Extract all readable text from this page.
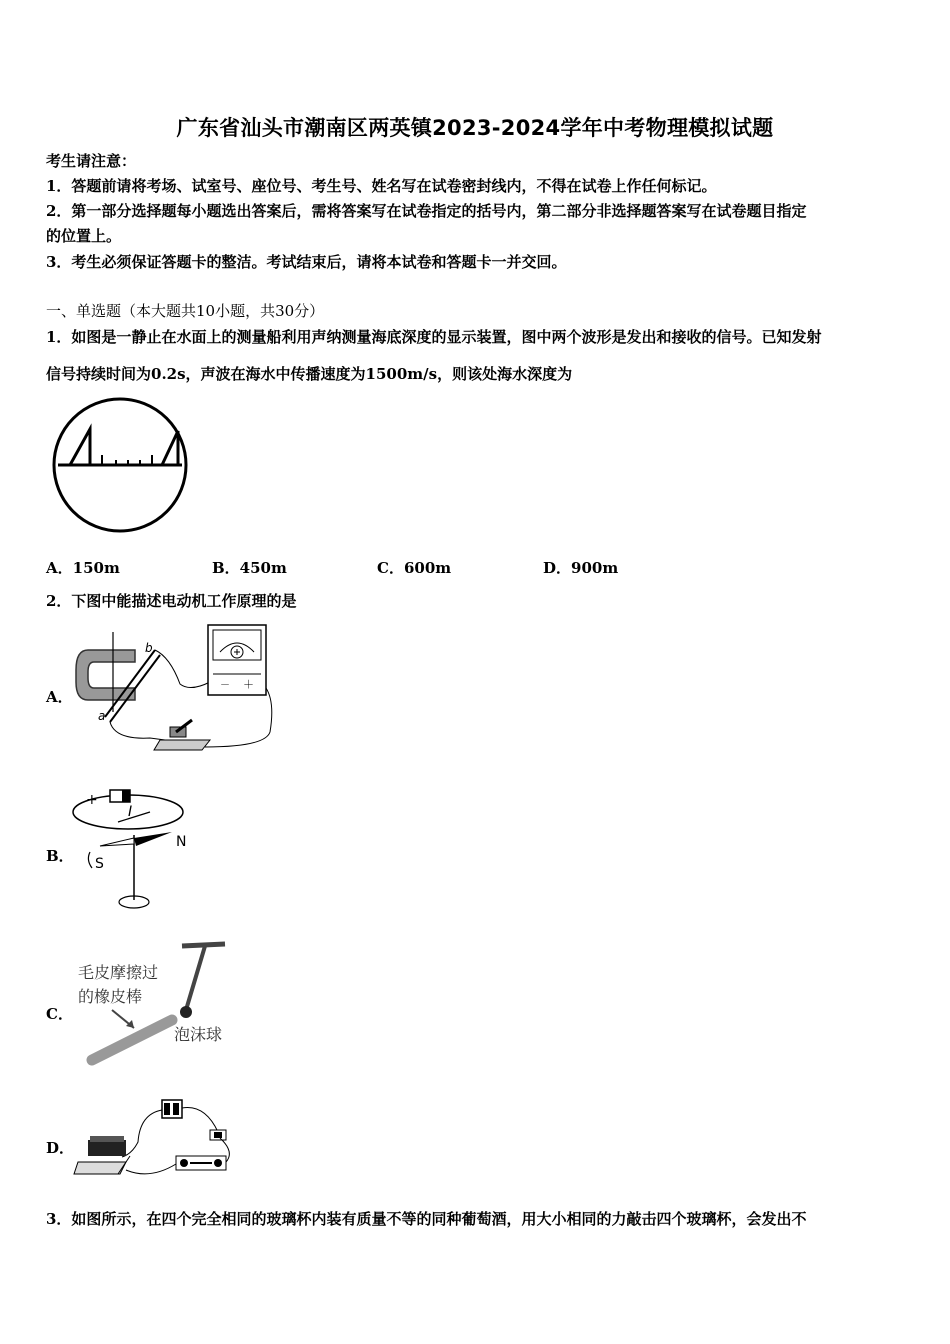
广东省汕头市潮南区两英镇2023-2024学年中考物理模拟试题
考生请注意：
1．答题前请将考场、试室号、座位号、考生号、姓名写在试卷密封线内，不得在试卷上作任何标记。
2．第一部分选择题每小题选出答案后，需将答案写在试卷指定的括号内，第二部分非选择题答案写在试卷题目指定
的位置上。
3．考生必须保证答题卡的整洁。考试结束后，请将本试卷和答题卡一并交回。
一、单选题（本大题共10小题，共30分）
1．如图是一静止在水面上的测量船利用声纳测量海底深度的显示装置，图中两个波形是发出和接收的信号。已知发射
信号持续时间为0.2s，声波在海水中传播速度为1500m/s，则该处海水深度为
A．150m	B．450m	C．600m	D．900m
2．下图中能描述电动机工作原理的是
A．
b
a
－ ＋
B．
+
I
N
S
C．
毛皮摩擦过
的橡皮棒
泡沫球
D．
3．如图所示，在四个完全相同的玻璃杯内装有质量不等的同种葡萄酒，用大小相同的力敲击四个玻璃杯，会发出不
